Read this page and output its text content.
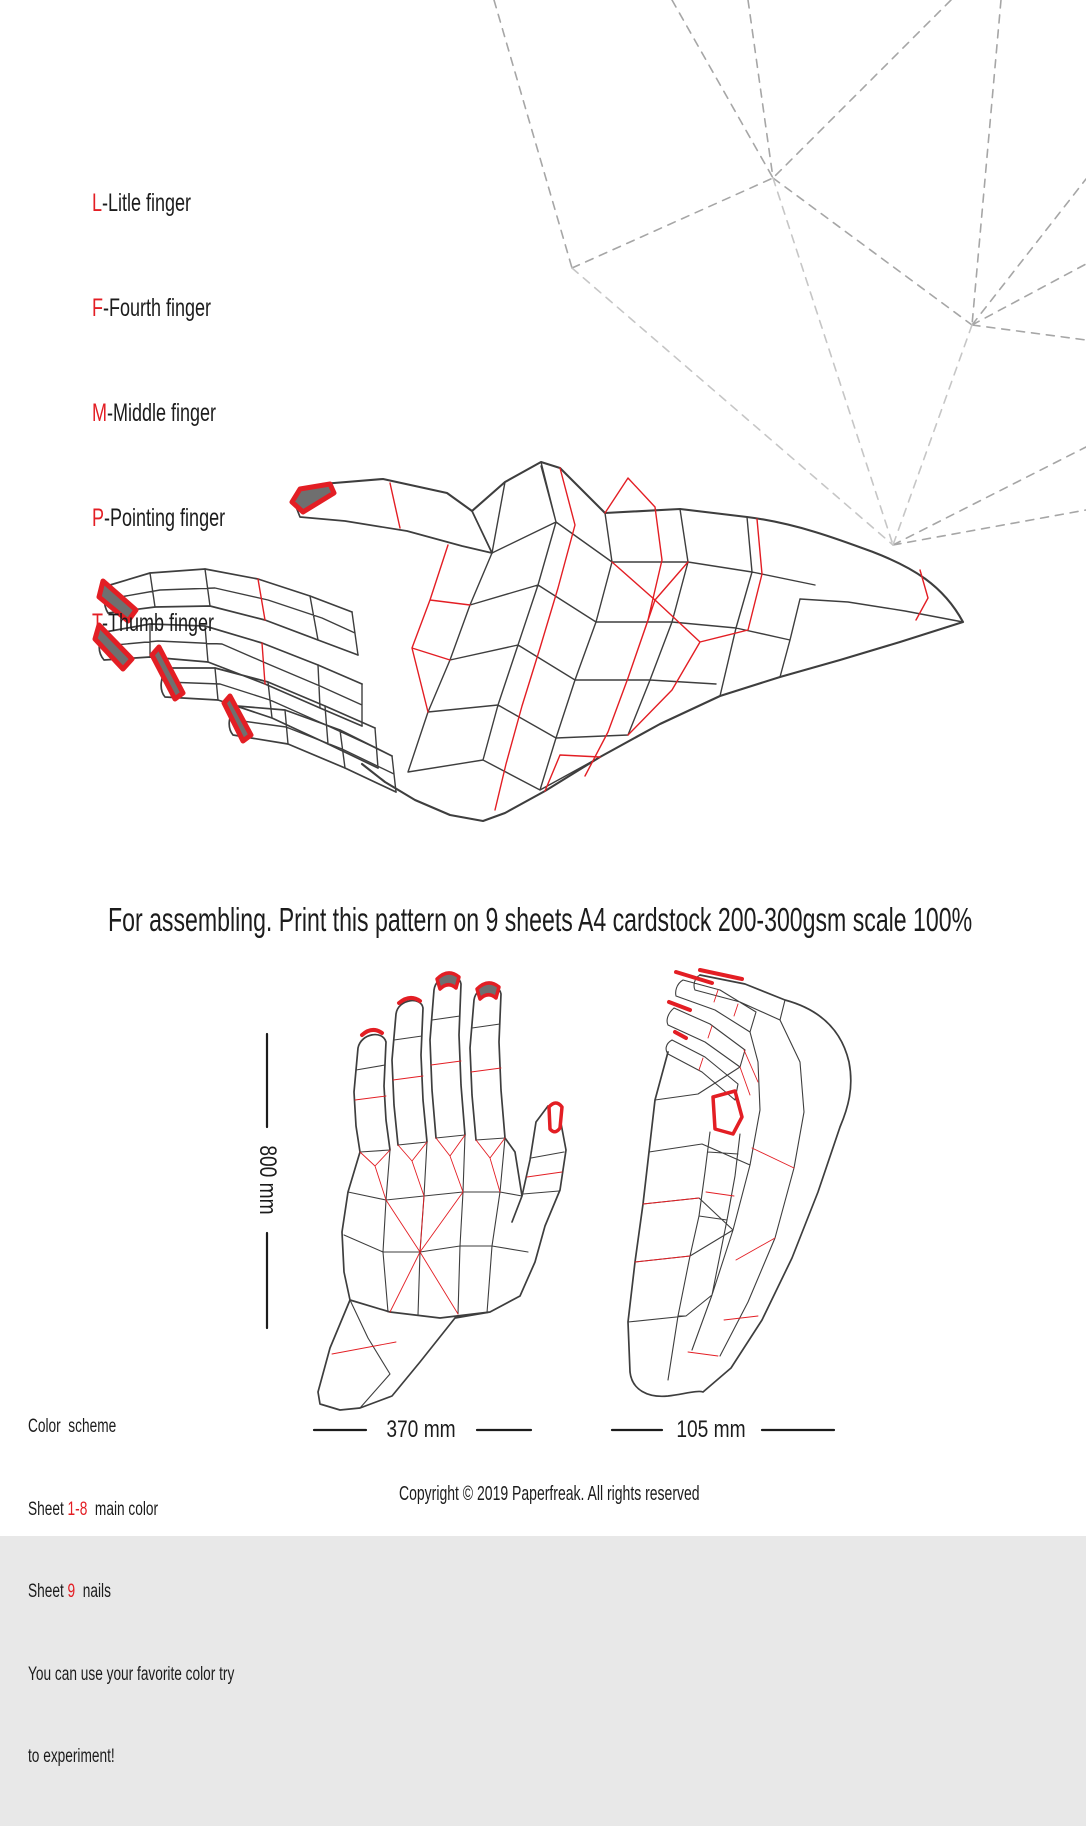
L-Litle finger

F-Fourth finger

M-Middle finger

P-Pointing finger

T-Thumb finger

For assembling. Print this pattern on 9 sheets A4 cardstock 200-300gsm scale 100%
800 mm
370 mm	105 mm

Color  scheme

Sheet 1-8  main color

Sheet 9  nails

You can use your favorite color try

to experiment!

Copyright © 2019 Paperfreak. All rights reserved
